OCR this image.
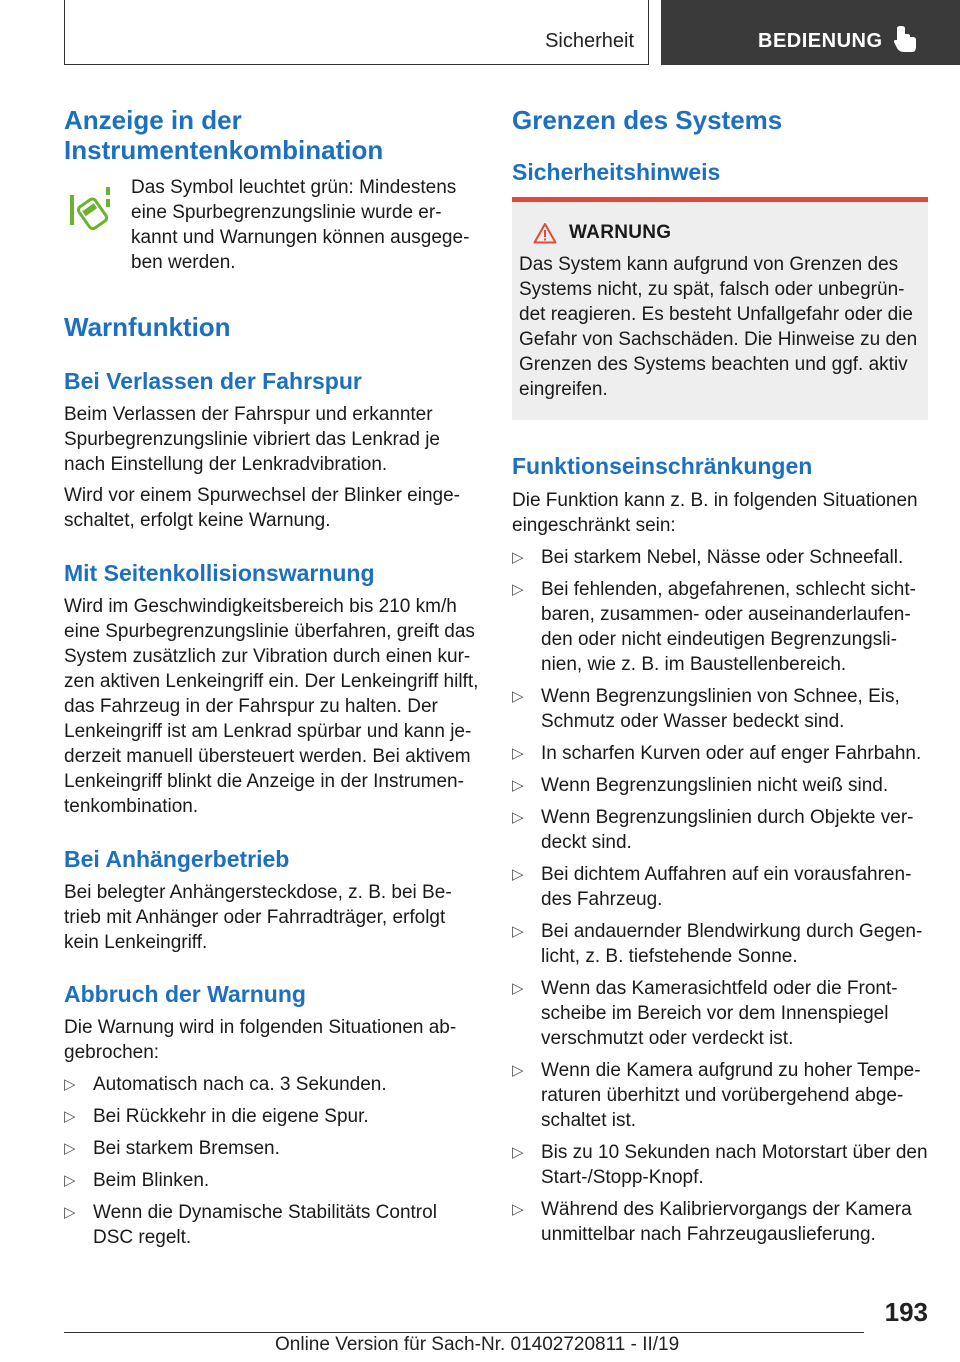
Sicherheit	BEDIENUNG
Anzeige in der Instrumentenkombination

Das Symbol leuchtet grün: Mindestens eine Spurbegrenzungslinie wurde erkannt und Warnungen können ausgegeben werden.

Warnfunktion
Bei Verlassen der Fahrspur

Beim Verlassen der Fahrspur und erkannter Spurbegrenzungslinie vibriert das Lenkrad je nach Einstellung der Lenkradvibration.

Wird vor einem Spurwechsel der Blinker eingeschaltet, erfolgt keine Warnung.

Mit Seitenkollisionswarnung

Wird im Geschwindigkeitsbereich bis 210 km/h eine Spurbegrenzungslinie überfahren, greift das System zusätzlich zur Vibration durch einen kurzen aktiven Lenkeingriff ein. Der Lenkeingriff hilft, das Fahrzeug in der Fahrspur zu halten. Der Lenkeingriff ist am Lenkrad spürbar und kann jederzeit manuell übersteuert werden. Bei aktivem Lenkeingriff blinkt die Anzeige in der Instrumentenkombination.

Bei Anhängerbetrieb

Bei belegter Anhängersteckdose, z. B. bei Betrieb mit Anhänger oder Fahrradträger, erfolgt kein Lenkeingriff.

Abbruch der Warnung

Die Warnung wird in folgenden Situationen abgebrochen:

▷ Automatisch nach ca. 3 Sekunden.
▷ Bei Rückkehr in die eigene Spur.
▷ Bei starkem Bremsen.
▷ Beim Blinken.
▷ Wenn die Dynamische Stabilitäts Control DSC regelt.
Grenzen des Systems
Sicherheitshinweis
WARNUNG

Das System kann aufgrund von Grenzen des Systems nicht, zu spät, falsch oder unbegründet reagieren. Es besteht Unfallgefahr oder die Gefahr von Sachschäden. Die Hinweise zu den Grenzen des Systems beachten und ggf. aktiv eingreifen.

Funktionseinschränkungen

Die Funktion kann z. B. in folgenden Situationen eingeschränkt sein:

▷ Bei starkem Nebel, Nässe oder Schneefall.
▷ Bei fehlenden, abgefahrenen, schlecht sichtbaren, zusammen- oder auseinanderlaufenden oder nicht eindeutigen Begrenzungslinien, wie z. B. im Baustellenbereich.
▷ Wenn Begrenzungslinien von Schnee, Eis, Schmutz oder Wasser bedeckt sind.
▷ In scharfen Kurven oder auf enger Fahrbahn.
▷ Wenn Begrenzungslinien nicht weiß sind.
▷ Wenn Begrenzungslinien durch Objekte verdeckt sind.
▷ Bei dichtem Auffahren auf ein vorausfahrendes Fahrzeug.
▷ Bei andauernder Blendwirkung durch Gegenlicht, z. B. tiefstehende Sonne.
▷ Wenn das Kamerasichtfeld oder die Frontscheibe im Bereich vor dem Innenspiegel verschmutzt oder verdeckt ist.
▷ Wenn die Kamera aufgrund zu hoher Temperaturen überhitzt und vorübergehend abgeschaltet ist.
▷ Bis zu 10 Sekunden nach Motorstart über den Start-/Stopp-Knopf.
▷ Während des Kalibriervorgangs der Kamera unmittelbar nach Fahrzeugauslieferung.
193
Online Version für Sach-Nr. 01402720811 - II/19
